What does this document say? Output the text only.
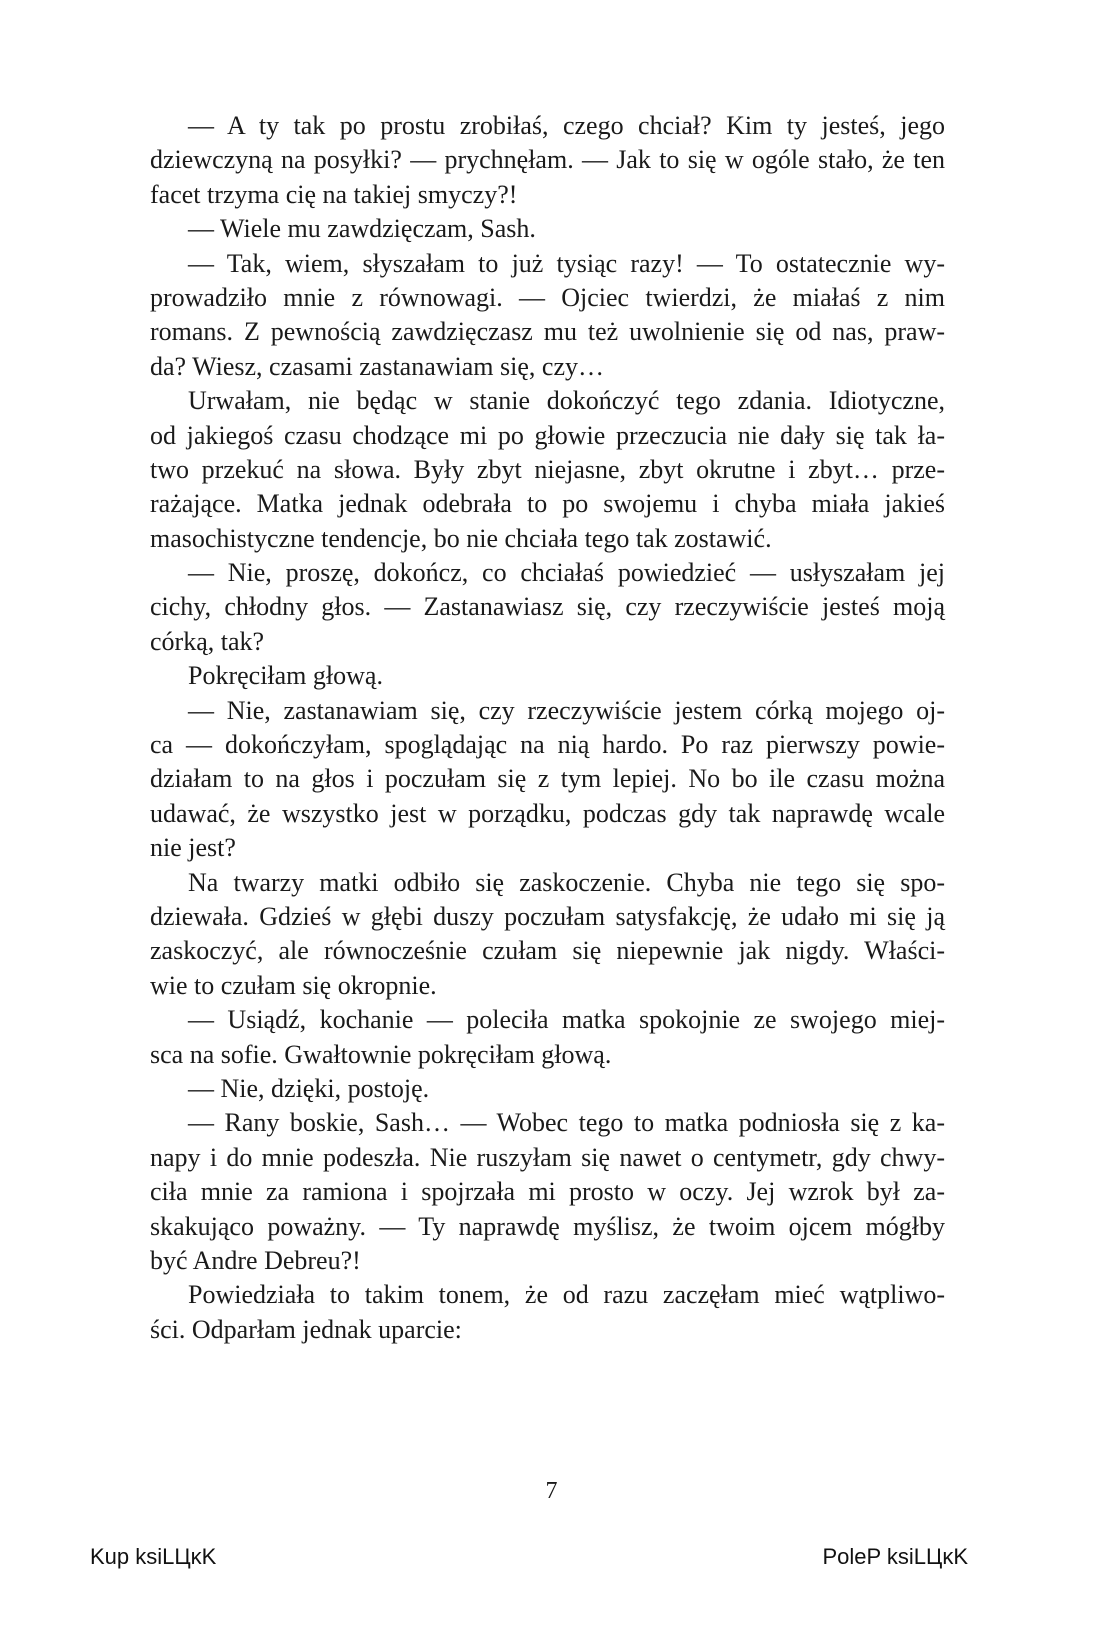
— A ty tak po prostu zrobiłaś, czego chciał? Kim ty jesteś, jego
dziewczyną na posyłki? — prychnęłam. — Jak to się w ogóle stało, że ten
facet trzyma cię na takiej smyczy?!
— Wiele mu zawdzięczam, Sash.
— Tak, wiem, słyszałam to już tysiąc razy! — To ostatecznie wy-
prowadziło mnie z równowagi. — Ojciec twierdzi, że miałaś z nim
romans. Z pewnością zawdzięczasz mu też uwolnienie się od nas, praw-
da? Wiesz, czasami zastanawiam się, czy…
Urwałam, nie będąc w stanie dokończyć tego zdania. Idiotyczne,
od jakiegoś czasu chodzące mi po głowie przeczucia nie dały się tak ła-
two przekuć na słowa. Były zbyt niejasne, zbyt okrutne i zbyt… prze-
rażające. Matka jednak odebrała to po swojemu i chyba miała jakieś
masochistyczne tendencje, bo nie chciała tego tak zostawić.
— Nie, proszę, dokończ, co chciałaś powiedzieć — usłyszałam jej
cichy, chłodny głos. — Zastanawiasz się, czy rzeczywiście jesteś moją
córką, tak?
Pokręciłam głową.
— Nie, zastanawiam się, czy rzeczywiście jestem córką mojego oj-
ca — dokończyłam, spoglądając na nią hardo. Po raz pierwszy powie-
działam to na głos i poczułam się z tym lepiej. No bo ile czasu można
udawać, że wszystko jest w porządku, podczas gdy tak naprawdę wcale
nie jest?
Na twarzy matki odbiło się zaskoczenie. Chyba nie tego się spo-
dziewała. Gdzieś w głębi duszy poczułam satysfakcję, że udało mi się ją
zaskoczyć, ale równocześnie czułam się niepewnie jak nigdy. Właści-
wie to czułam się okropnie.
— Usiądź, kochanie — poleciła matka spokojnie ze swojego miej-
sca na sofie. Gwałtownie pokręciłam głową.
— Nie, dzięki, postoję.
— Rany boskie, Sash… — Wobec tego to matka podniosła się z ka-
napy i do mnie podeszła. Nie ruszyłam się nawet o centymetr, gdy chwy-
ciła mnie za ramiona i spojrzała mi prosto w oczy. Jej wzrok był za-
skakująco poważny. — Ty naprawdę myślisz, że twoim ojcem mógłby
być Andre Debreu?!
Powiedziała to takim tonem, że od razu zaczęłam mieć wątpliwo-
ści. Odparłam jednak uparcie:
7
Kup ksiLЦĸK	PoleP ksiLЦĸK
